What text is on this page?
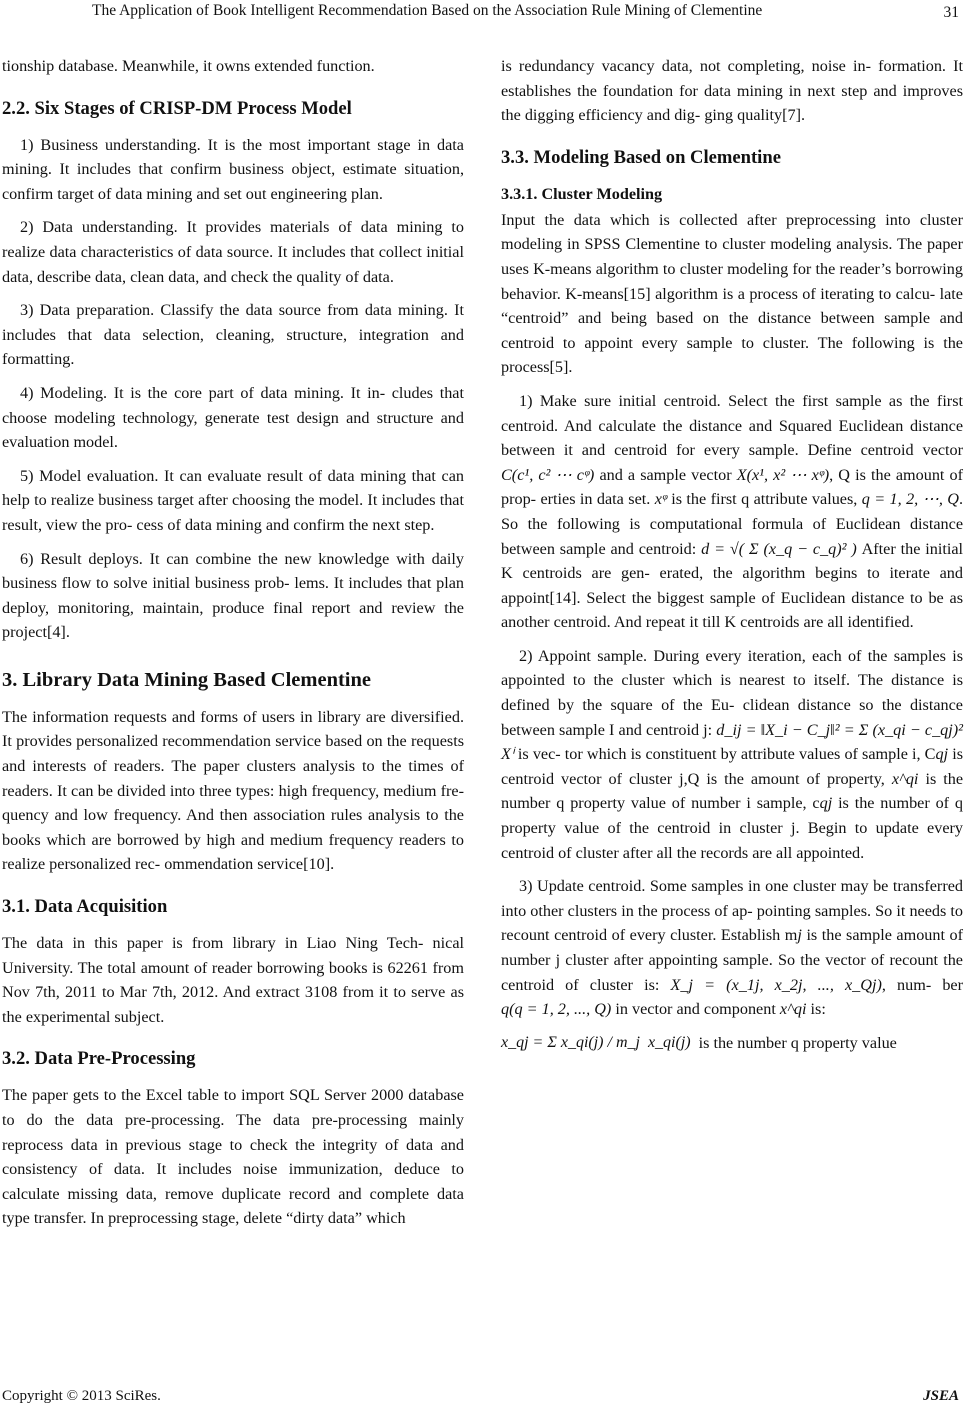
The Application of Book Intelligent Recommendation Based on the Association Rule Mining of Clementine	31

tionship database. Meanwhile, it owns extended function.

2.2. Six Stages of CRISP-DM Process Model

1) Business understanding. It is the most important stage in data mining. It includes that confirm business object, estimate situation, confirm target of data mining and set out engineering plan.

2) Data understanding. It provides materials of data mining to realize data characteristics of data source. It includes that collect initial data, describe data, clean data, and check the quality of data.

3) Data preparation. Classify the data source from data mining. It includes that data selection, cleaning, structure, integration and formatting.

4) Modeling. It is the core part of data mining. It in- cludes that choose modeling technology, generate test design and structure and evaluation model.

5) Model evaluation. It can evaluate result of data mining that can help to realize business target after choosing the model. It includes that result, view the pro- cess of data mining and confirm the next step.

6) Result deploys. It can combine the new knowledge with daily business flow to solve initial business prob- lems. It includes that plan deploy, monitoring, maintain, produce final report and review the project[4].

3. Library Data Mining Based Clementine

The information requests and forms of users in library are diversified. It provides personalized recommendation service based on the requests and interests of readers. The paper clusters analysis to the times of readers. It can be divided into three types: high frequency, medium fre- quency and low frequency. And then association rules analysis to the books which are borrowed by high and medium frequency readers to realize personalized rec- ommendation service[10].

3.1. Data Acquisition

The data in this paper is from library in Liao Ning Tech- nical University. The total amount of reader borrowing books is 62261 from Nov 7th, 2011 to Mar 7th, 2012. And extract 3108 from it to serve as the experimental subject.

3.2. Data Pre-Processing

The paper gets to the Excel table to import SQL Server 2000 database to do the data pre-processing. The data pre-processing mainly reprocess data in previous stage to check the integrity of data and consistency of data. It includes noise immunization, deduce to calculate missing data, remove duplicate record and complete data type transfer. In preprocessing stage, delete “dirty data” which

is redundancy vacancy data, not completing, noise in- formation. It establishes the foundation for data mining in next step and improves the digging efficiency and dig- ging quality[7].

3.3. Modeling Based on Clementine
3.3.1. Cluster Modeling

Input the data which is collected after preprocessing into cluster modeling in SPSS Clementine to cluster modeling analysis. The paper uses K-means algorithm to cluster modeling for the reader’s borrowing behavior. K-means[15] algorithm is a process of iterating to calcu- late “centroid” and being based on the distance between sample and centroid to appoint every sample to cluster. The following is the process[5].

1) Make sure initial centroid. Select the first sample as the first centroid. And calculate the distance and Squared Euclidean distance between it and centroid for every sample. Define centroid vector C(c¹, c² ⋯ cᵠ) and a sample vector X(x¹, x² ⋯ xᵠ), Q is the amount of prop- erties in data set. xᵠ is the first q attribute values, q = 1, 2, ⋯, Q. So the following is computational formula of Euclidean distance between sample and centroid: d = √( Σ (x_q − c_q)² ) After the initial K centroids are gen- erated, the algorithm begins to iterate and appoint[14]. Select the biggest sample of Euclidean distance to be as another centroid. And repeat it till K centroids are all identified.

2) Appoint sample. During every iteration, each of the samples is appointed to the cluster which is nearest to itself. The distance is defined by the square of the Eu- clidean distance so the distance between sample I and centroid j: d_ij = ‖X_i − C_j‖² = Σ (x_qi − c_qj)² Xⁱ is vec- tor which is constituent by attribute values of sample i, Cqj is centroid vector of cluster j,Q is the amount of property, x^qi is the number q property value of number i sample, cqj is the number of q property value of the centroid in cluster j. Begin to update every centroid of cluster after all the records are all appointed.

3) Update centroid. Some samples in one cluster may be transferred into other clusters in the process of ap- pointing samples. So it needs to recount centroid of every cluster. Establish mj is the sample amount of number j cluster after appointing sample. So the vector of recount the centroid of cluster is: X_j = (x_1j, x_2j, ..., x_Qj), num- ber q(q = 1, 2, ..., Q) in vector and component x^qi is:

x_qj = Σ x_qi(j) / m_j x_qi(j) is the number q property value
Copyright © 2013 SciRes.	JSEA
